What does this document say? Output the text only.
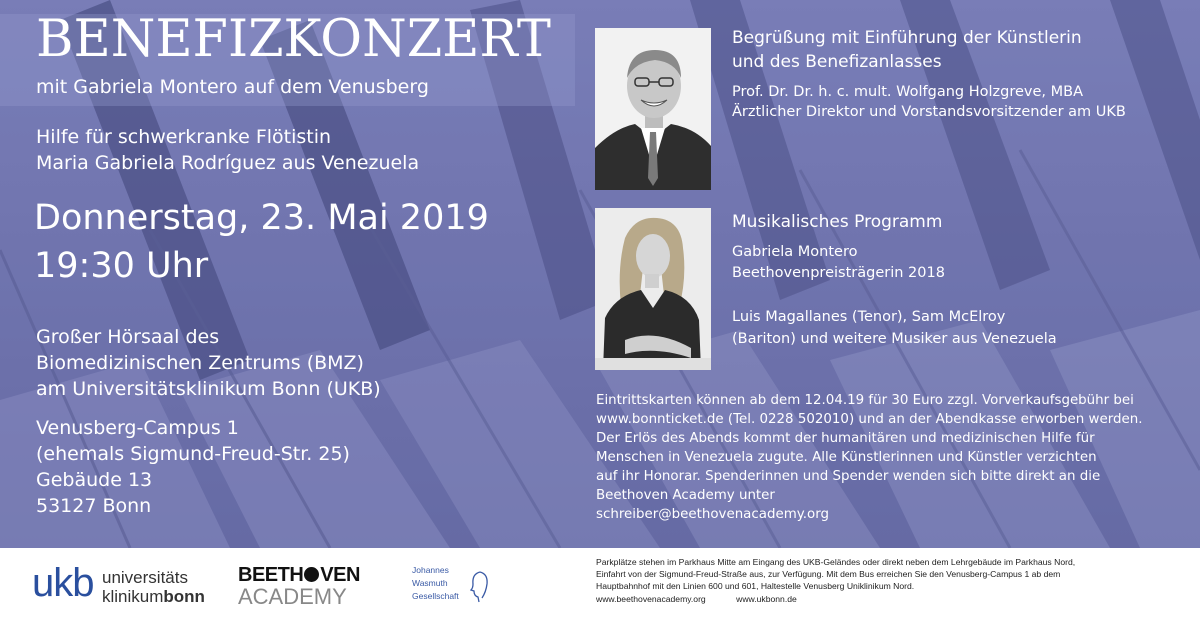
BENEFIZKONZERT
mit Gabriela Montero auf dem Venusberg
Hilfe für schwerkranke Flötistin
Maria Gabriela Rodríguez aus Venezuela
Donnerstag, 23. Mai 2019
19:30 Uhr
Großer Hörsaal des
Biomedizinischen Zentrums (BMZ)
am Universitätsklinikum Bonn (UKB)
Venusberg-Campus 1
(ehemals Sigmund-Freud-Str. 25)
Gebäude 13
53127 Bonn
Begrüßung mit Einführung der Künstlerin
und des Benefizanlasses
Prof. Dr. Dr. h. c. mult. Wolfgang Holzgreve, MBA
Ärztlicher Direktor und Vorstandsvorsitzender am UKB
Musikalisches Programm
Gabriela Montero
Beethovenpreisträgerin 2018
Luis Magallanes (Tenor), Sam McElroy
(Bariton) und weitere Musiker aus Venezuela
Eintrittskarten können ab dem 12.04.19 für 30 Euro zzgl. Vorverkaufsgebühr bei
www.bonnticket.de (Tel. 0228 502010) und an der Abendkasse erworben werden.
Der Erlös des Abends kommt der humanitären und medizinischen Hilfe für
Menschen in Venezuela zugute. Alle Künstlerinnen und Künstler verzichten
auf ihr Honorar. Spenderinnen und Spender wenden sich bitte direkt an die
Beethoven Academy unter
schreiber@beethovenacademy.org
ukb universitäts
klinikumbonn
BEETH VEN
ACADEMY
Johannes
Wasmuth
Gesellschaft
Parkplätze stehen im Parkhaus Mitte am Eingang des UKB-Geländes oder direkt neben dem Lehrgebäude im Parkhaus Nord,
Einfahrt von der Sigmund-Freud-Straße aus, zur Verfügung. Mit dem Bus erreichen Sie den Venusberg-Campus 1 ab dem
Hauptbahnhof mit den Linien 600 und 601, Haltestelle Venusberg Uniklinikum Nord.
www.beethovenacademy.org	www.ukbonn.de
